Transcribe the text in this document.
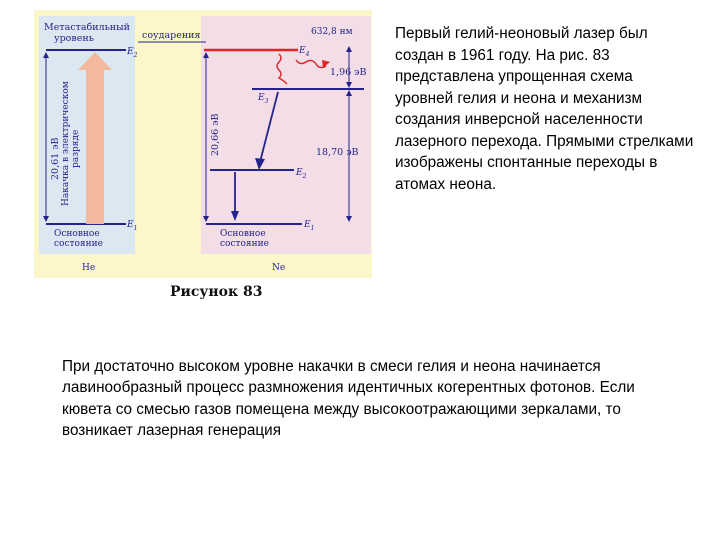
Метастабильный
уровень
$E_2$
$E_1$
20,61 эВ Накачка в электрическом разряде
Основное
состояние
He
соударения
$E_4$
632,8 нм
1,96 эВ
18,70 эВ
$E_3$
$E_2$
$E_1$
20,66 эВ
Основное
состояние
Ne
Рисунок 83
Первый гелий-неоновый лазер был создан в 1961 году. На рис. 83 представлена упрощенная схема уровней гелия и неона и механизм создания инверсной населенности лазерного перехода. Прямыми стрелками изображены спонтанные переходы в атомах неона.
При достаточно высоком уровне накачки в смеси гелия и неона начинается лавинообразный процесс размножения идентичных когерентных фотонов. Если кювета со смесью газов помещена между высокоотражающими зеркалами, то возникает лазерная генерация
